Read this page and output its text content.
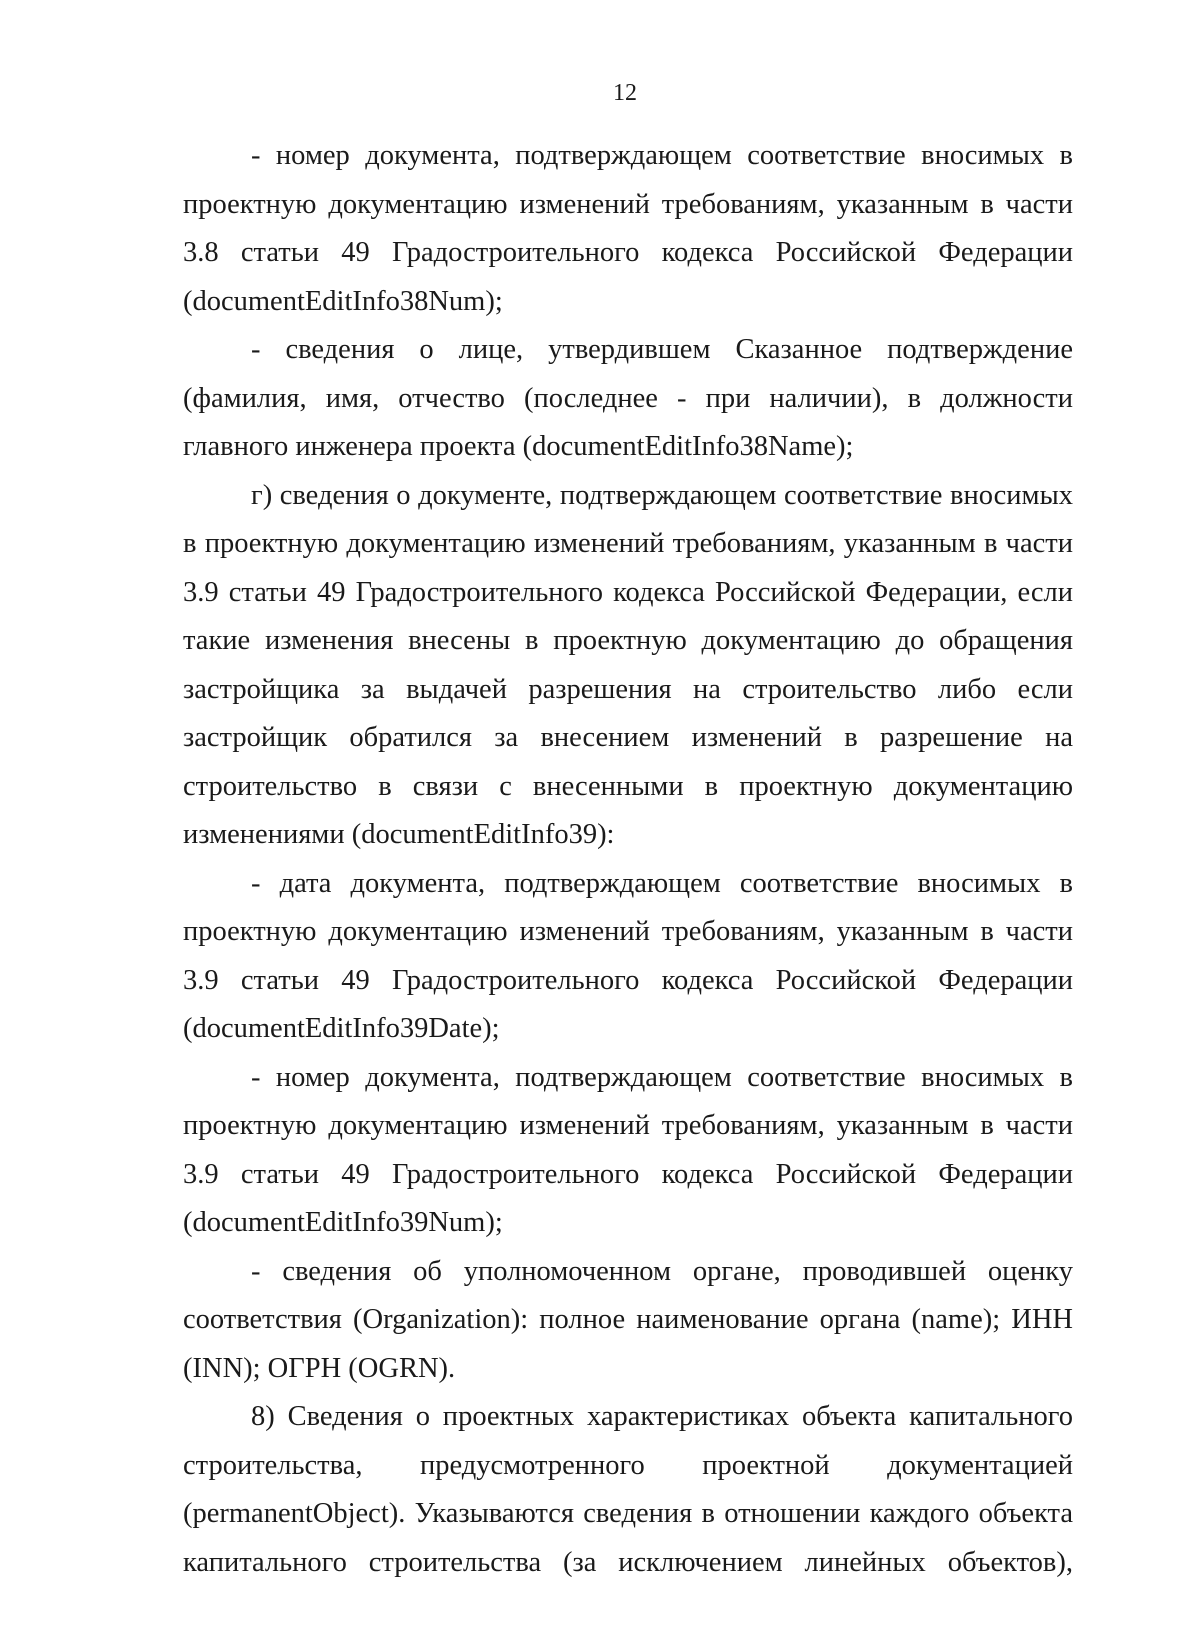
12

- номер документа, подтверждающем соответствие вносимых в проектную документацию изменений требованиям, указанным в части 3.8 статьи 49 Градостроительного кодекса Российской Федерации (documentEditInfo38Num);

- сведения о лице, утвердившем Сказанное подтверждение (фамилия, имя, отчество (последнее - при наличии), в должности главного инженера проекта (documentEditInfo38Name);

г) сведения о документе, подтверждающем соответствие вносимых в проектную документацию изменений требованиям, указанным в части 3.9 статьи 49 Градостроительного кодекса Российской Федерации, если такие изменения внесены в проектную документацию до обращения застройщика за выдачей разрешения на строительство либо если застройщик обратился за внесением изменений в разрешение на строительство в связи с внесенными в проектную документацию изменениями (documentEditInfo39):

- дата документа, подтверждающем соответствие вносимых в проектную документацию изменений требованиям, указанным в части 3.9 статьи 49 Градостроительного кодекса Российской Федерации (documentEditInfo39Date);

- номер документа, подтверждающем соответствие вносимых в проектную документацию изменений требованиям, указанным в части 3.9 статьи 49 Градостроительного кодекса Российской Федерации (documentEditInfo39Num);

- сведения об уполномоченном органе, проводившей оценку соответствия (Organization): полное наименование органа (name); ИНН (INN); ОГРН (OGRN).

8) Сведения о проектных характеристиках объекта капитального строительства, предусмотренного проектной документацией (permanentObject). Указываются сведения в отношении каждого объекта капитального строительства (за исключением линейных объектов),
